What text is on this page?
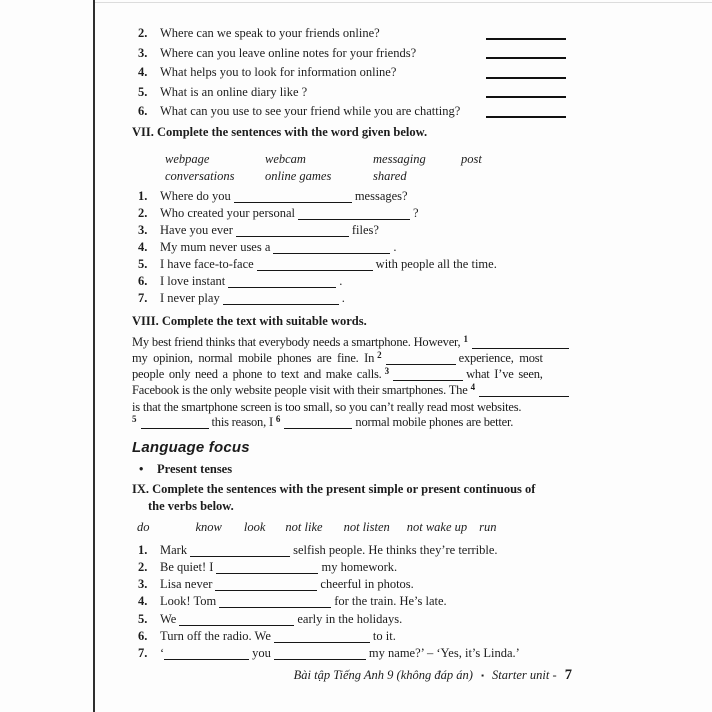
2.	Where can we speak to your friends online?
3.	Where can you leave online notes for your friends?
4.	What helps you to look for information online?
5.	What is an online diary like ?
6.	What can you use to see your friend while you are chatting?
VII. Complete the sentences with the word given below.
webpage	webcam	messaging	post
conversations	online games	shared
1.	Where do you	messages?
2.	Who created your personal	?
3.	Have you ever	files?
4.	My mum never uses a	.
5.	I have face-to-face	with people all the time.
6.	I love instant	.
7.	I never play	.
VIII. Complete the text with suitable words.
My best friend thinks that everybody needs a smartphone. However, 1
my opinion, normal mobile phones are fine. In $^2$	experience, most
people only need a phone to text and make calls. $^3$	what I’ve seen,
Facebook is the only website people visit with their smartphones. The 4
is that the smartphone screen is too small, so you can’t really read most websites.
$^5$	this reason, I $^6$	normal mobile phones are better.
Language focus
•	Present tenses
IX. Complete the sentences with the present simple or present continuous of
the verbs below.
do	know look not like not listen not wake up run
1.	Mark	selfish people. He thinks they’re terrible.
2.	Be quiet! I	my homework.
3.	Lisa never	cheerful in photos.
4.	Look! Tom	for the train. He’s late.
5.	We	early in the holidays.
6.	Turn off the radio. We	to it.
7.	‘	you	my name?’ – ‘Yes, it’s Linda.’
Bài tập Tiếng Anh 9 (không đáp án) ▪ Starter unit - 7
